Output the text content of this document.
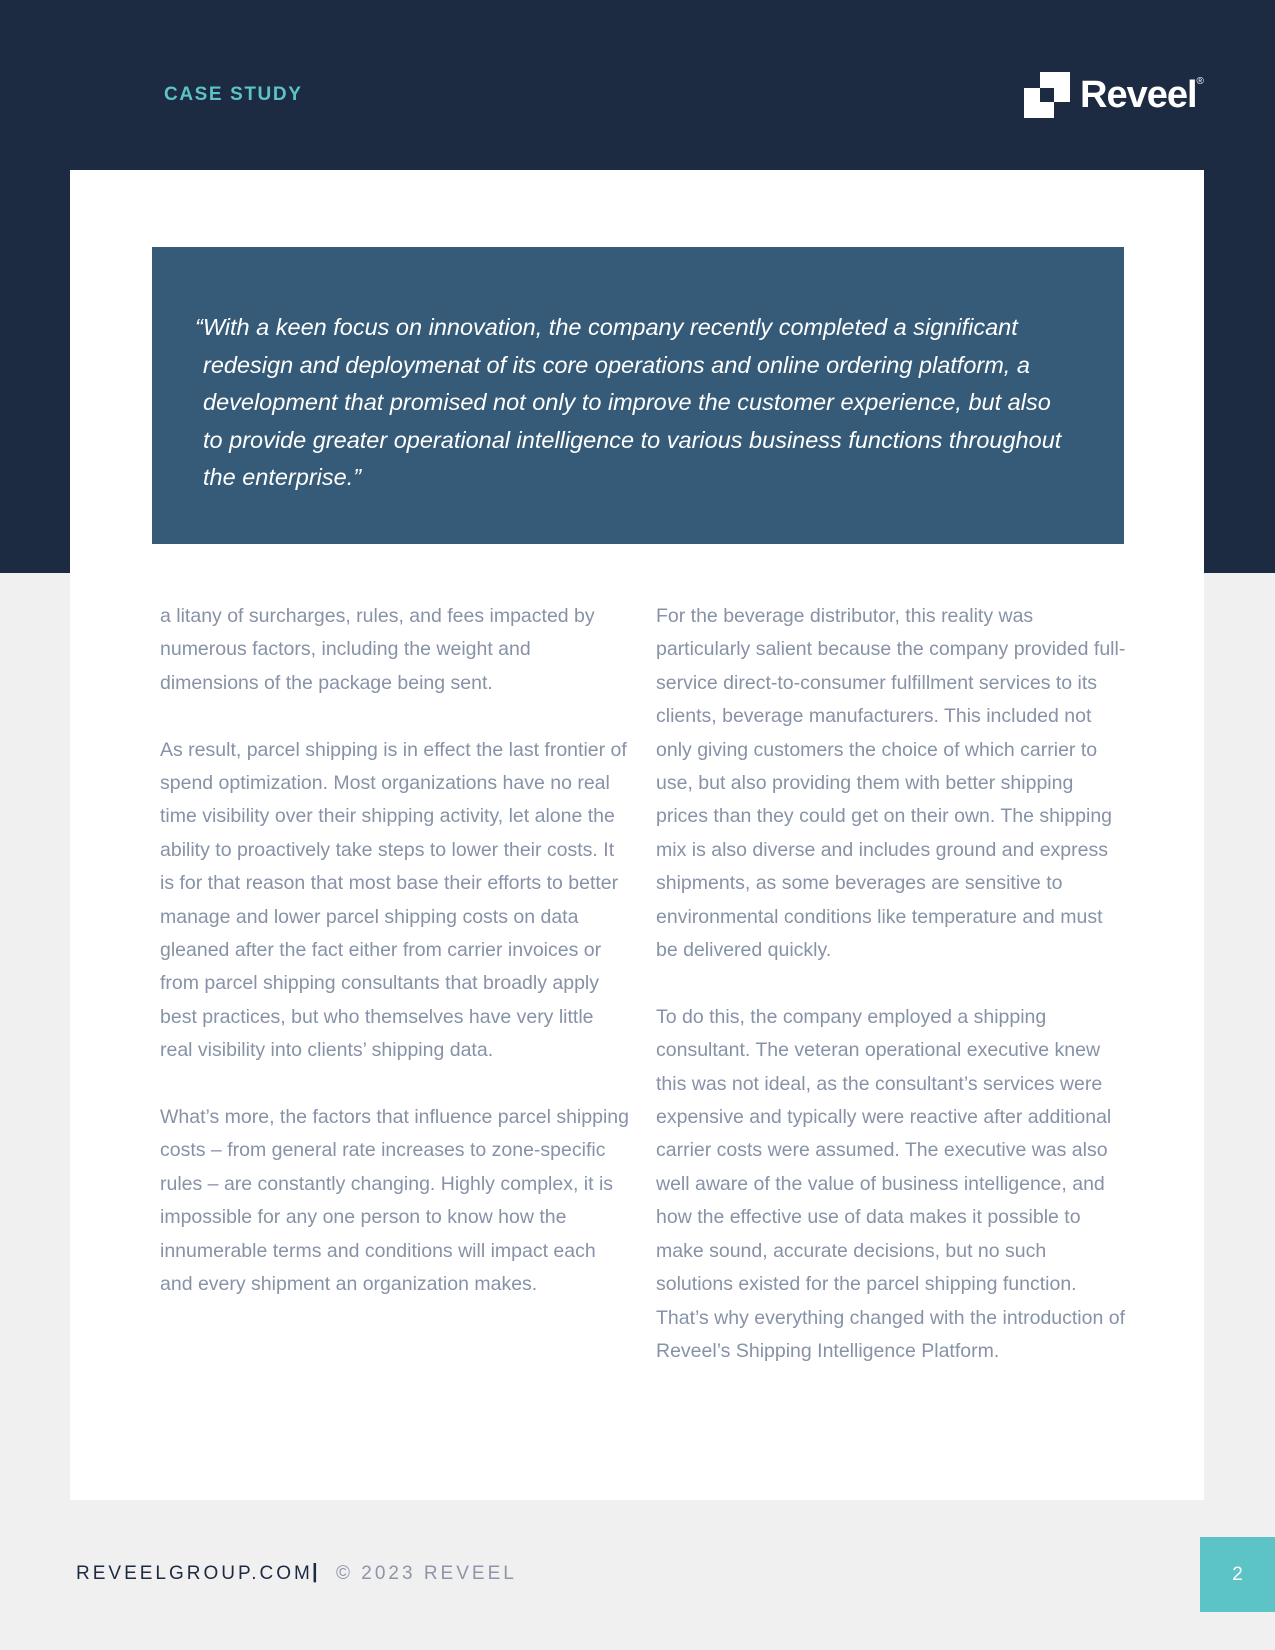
CASE STUDY	Reveel ®

“With a keen focus on innovation, the company recently completed a significant redesign and deploymenat of its core operations and online ordering platform, a development that promised not only to improve the customer experience, but also to provide greater operational intelligence to various business functions throughout the enterprise.”

a litany of surcharges, rules, and fees impacted by numerous factors, including the weight and dimensions of the package being sent.

As result, parcel shipping is in effect the last frontier of spend optimization. Most organizations have no real time visibility over their shipping activity, let alone the ability to proactively take steps to lower their costs. It is for that reason that most base their efforts to better manage and lower parcel shipping costs on data gleaned after the fact either from carrier invoices or from parcel shipping consultants that broadly apply best practices, but who themselves have very little real visibility into clients’ shipping data.

What’s more, the factors that influence parcel shipping costs – from general rate increases to zone-specific rules – are constantly changing. Highly complex, it is impossible for any one person to know how the innumerable terms and conditions will impact each and every shipment an organization makes.

For the beverage distributor, this reality was particularly salient because the company provided full-service direct-to-consumer fulfillment services to its clients, beverage manufacturers. This included not only giving customers the choice of which carrier to use, but also providing them with better shipping prices than they could get on their own. The shipping mix is also diverse and includes ground and express shipments, as some beverages are sensitive to environmental conditions like temperature and must be delivered quickly.

To do this, the company employed a shipping consultant. The veteran operational executive knew this was not ideal, as the consultant’s services were expensive and typically were reactive after additional carrier costs were assumed. The executive was also well aware of the value of business intelligence, and how the effective use of data makes it possible to make sound, accurate decisions, but no such solutions existed for the parcel shipping function. That’s why everything changed with the introduction of Reveel’s Shipping Intelligence Platform.

REVEELGROUP.COM | © 2023 REVEEL	2
